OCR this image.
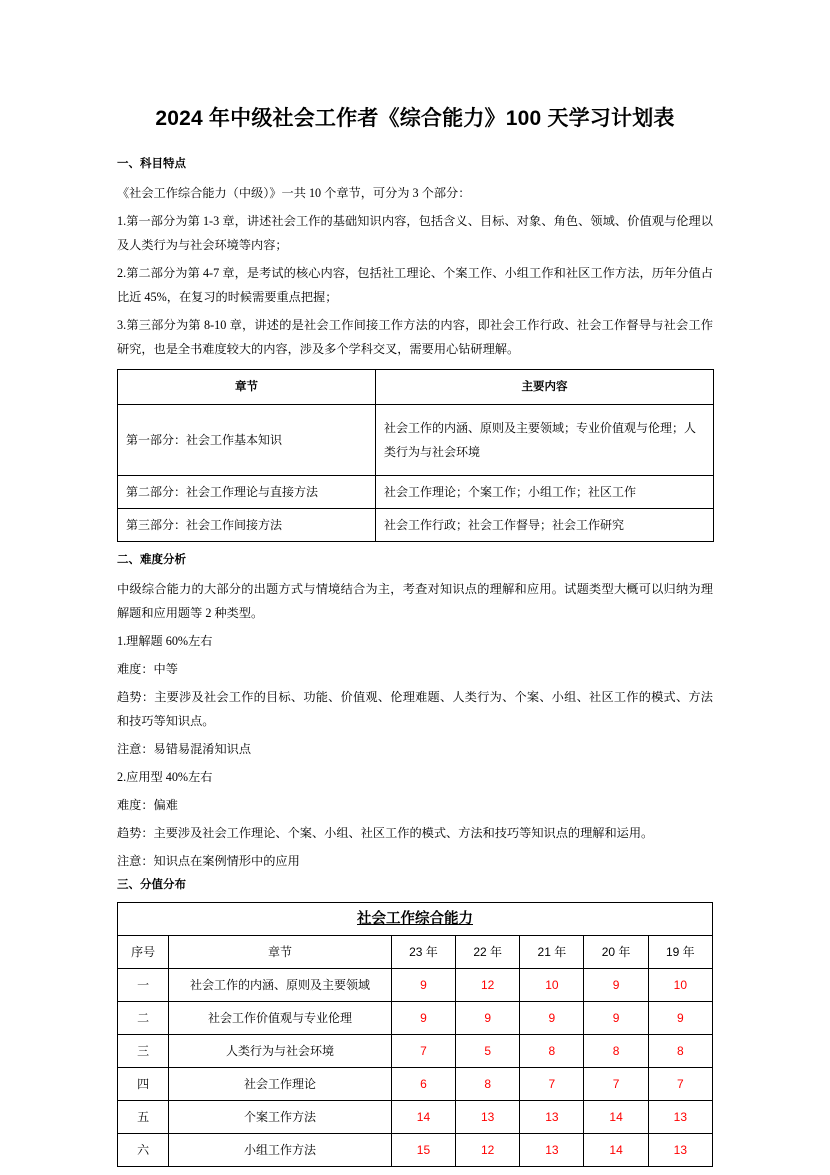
2024 年中级社会工作者《综合能力》100 天学习计划表
一、科目特点

《社会工作综合能力（中级）》一共 10 个章节，可分为 3 个部分：

1.第一部分为第 1-3 章，讲述社会工作的基础知识内容，包括含义、目标、对象、角色、领域、价值观与伦理以及人类行为与社会环境等内容；

2.第二部分为第 4-7 章，是考试的核心内容，包括社工理论、个案工作、小组工作和社区工作方法，历年分值占比近 45%，在复习的时候需要重点把握；

3.第三部分为第 8-10 章，讲述的是社会工作间接工作方法的内容，即社会工作行政、社会工作督导与社会工作研究，也是全书难度较大的内容，涉及多个学科交叉，需要用心钻研理解。

章节	主要内容
第一部分：社会工作基本知识	社会工作的内涵、原则及主要领域；专业价值观与伦理；人类行为与社会环境
第二部分：社会工作理论与直接方法	社会工作理论；个案工作；小组工作；社区工作
第三部分：社会工作间接方法	社会工作行政；社会工作督导；社会工作研究
二、难度分析

中级综合能力的大部分的出题方式与情境结合为主，考查对知识点的理解和应用。试题类型大概可以归纳为理解题和应用题等 2 种类型。

1.理解题 60%左右

难度：中等

趋势：主要涉及社会工作的目标、功能、价值观、伦理难题、人类行为、个案、小组、社区工作的模式、方法和技巧等知识点。

注意：易错易混淆知识点

2.应用型 40%左右

难度：偏难

趋势：主要涉及社会工作理论、个案、小组、社区工作的模式、方法和技巧等知识点的理解和运用。

注意：知识点在案例情形中的应用

三、分值分布
社会工作综合能力						
序号	章节	23 年	22 年	21 年	20 年	19 年
一	社会工作的内涵、原则及主要领域	9	12	10	9	10
二	社会工作价值观与专业伦理	9	9	9	9	9
三	人类行为与社会环境	7	5	8	8	8
四	社会工作理论	6	8	7	7	7
五	个案工作方法	14	13	13	14	13
六	小组工作方法	15	12	13	14	13
